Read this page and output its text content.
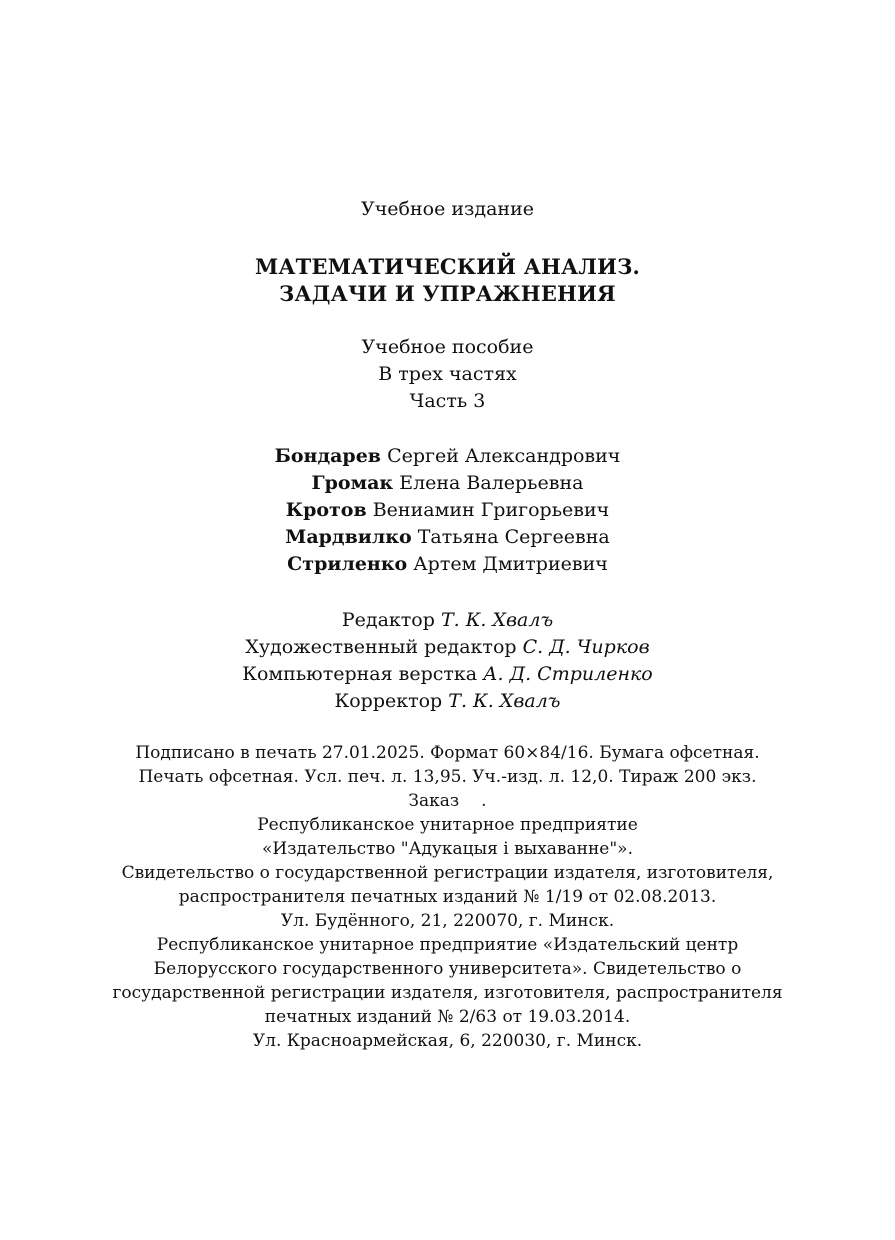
Учебное издание
МАТЕМАТИЧЕСКИЙ АНАЛИЗ.
ЗАДАЧИ И УПРАЖНЕНИЯ
Учебное пособие
В трех частях
Часть 3
Бондарев Сергей Александрович
Громак Елена Валерьевна
Кротов Вениамин Григорьевич
Мардвилко Татьяна Сергеевна
Стриленко Артем Дмитриевич
Редактор Т. К. Хвалъ
Художественный редактор С. Д. Чирков
Компьютерная верстка А. Д. Стриленко
Корректор Т. К. Хвалъ
Подписано в печать 27.01.2025. Формат 60×84/16. Бумага офсетная.
Печать офсетная. Усл. печ. л. 13,95. Уч.-изд. л. 12,0. Тираж 200 экз.
Заказ .
Республиканское унитарное предприятие
«Издательство "Адукацыя і выхаванне"».
Свидетельство о государственной регистрации издателя, изготовителя,
распространителя печатных изданий № 1/19 от 02.08.2013.
Ул. Будённого, 21, 220070, г. Минск.
Республиканское унитарное предприятие «Издательский центр
Белорусского государственного университета». Свидетельство о
государственной регистрации издателя, изготовителя, распространителя
печатных изданий № 2/63 от 19.03.2014.
Ул. Красноармейская, 6, 220030, г. Минск.
